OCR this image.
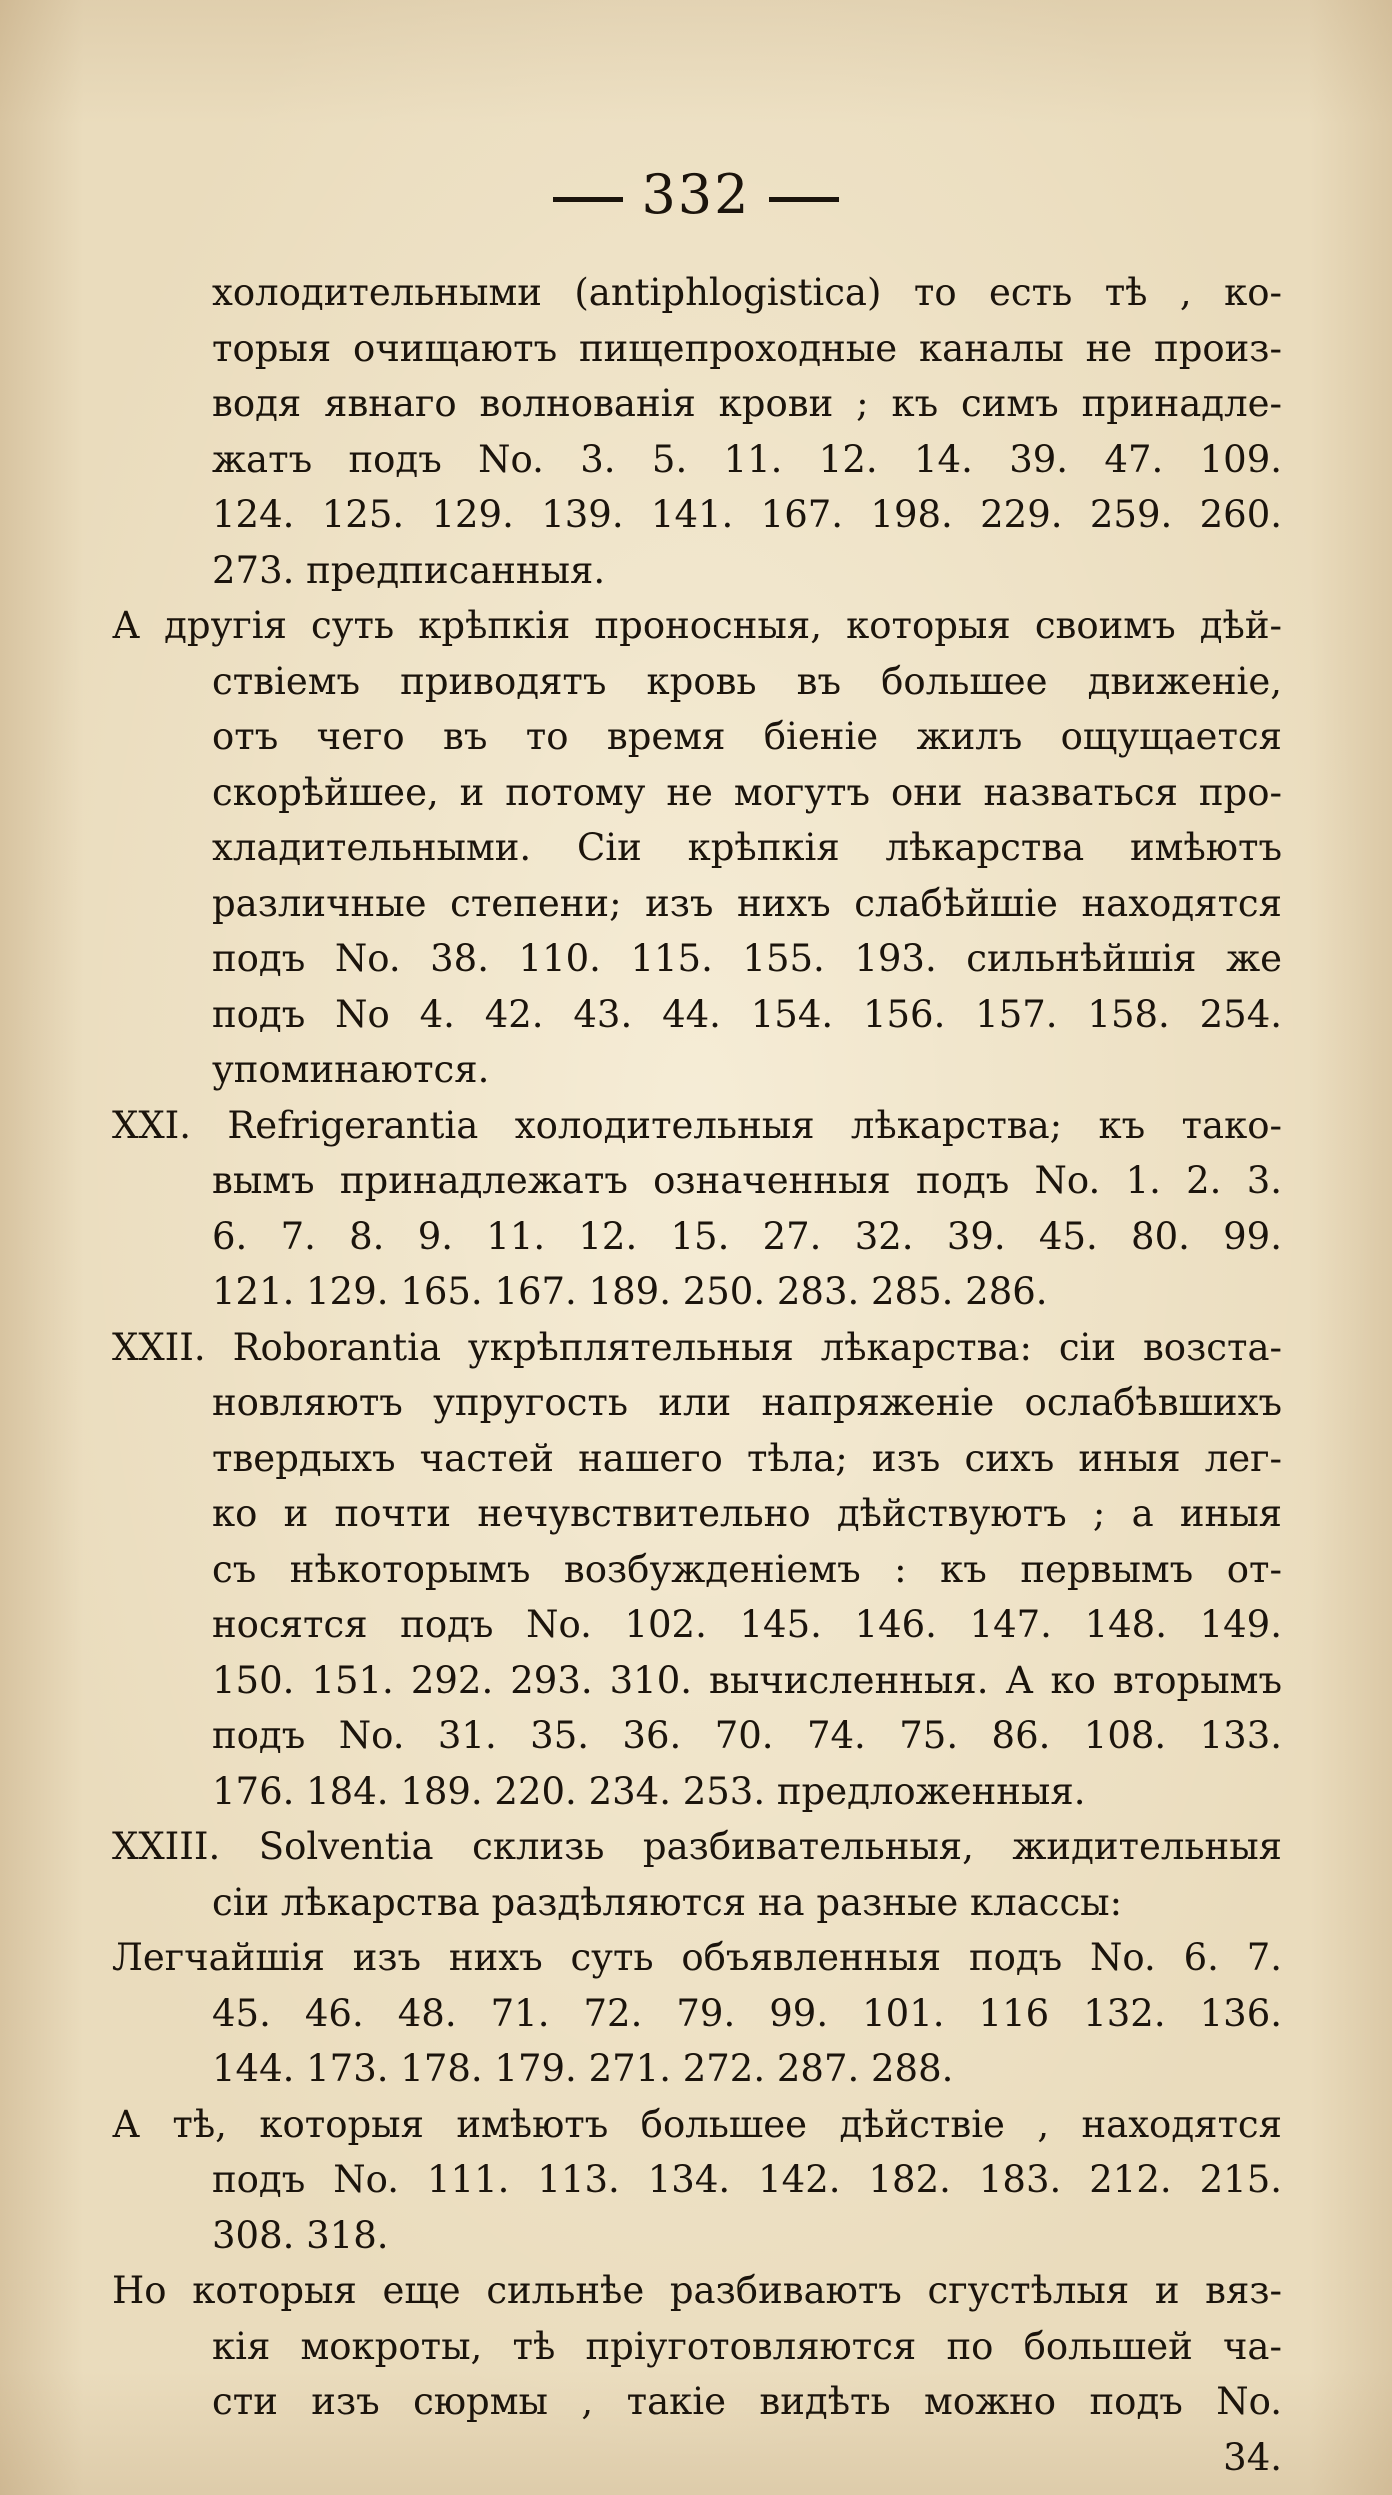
332
холодительными (antiphlogistica) то есть тѣ , ко-
торыя очищаютъ пищепроходные каналы не произ-
водя явнаго волнованія крови ; къ симъ принадле-
жатъ подъ No. 3. 5. 11. 12. 14. 39. 47. 109.
124. 125. 129. 139. 141. 167. 198. 229. 259. 260.
273. предписанныя.
А другія суть крѣпкія проносныя, которыя своимъ дѣй-
ствіемъ приводятъ кровь въ большее движеніе,
отъ чего въ то время біеніе жилъ ощущается
скорѣйшее, и потому не могутъ они назваться про-
хладительными. Сіи крѣпкія лѣкарства имѣютъ
различные степени; изъ нихъ слабѣйшіе находятся
подъ No. 38. 110. 115. 155. 193. сильнѣйшія же
подъ No 4. 42. 43. 44. 154. 156. 157. 158. 254.
упоминаются.
XXI. Refrigerantia холодительныя лѣкарства; къ тако-
вымъ принадлежатъ означенныя подъ No. 1. 2. 3.
6. 7. 8. 9. 11. 12. 15. 27. 32. 39. 45. 80. 99.
121. 129. 165. 167. 189. 250. 283. 285. 286.
XXII. Roborantia укрѣплятельныя лѣкарства: сіи возста-
новляютъ упругость или напряженіе ослабѣвшихъ
твердыхъ частей нашего тѣла; изъ сихъ иныя лег-
ко и почти нечувствительно дѣйствуютъ ; а иныя
съ нѣкоторымъ возбужденіемъ : къ первымъ от-
носятся подъ No. 102. 145. 146. 147. 148. 149.
150. 151. 292. 293. 310. вычисленныя. А ко вторымъ
подъ No. 31. 35. 36. 70. 74. 75. 86. 108. 133.
176. 184. 189. 220. 234. 253. предложенныя.
XXIII. Solventia склизь разбивательныя, жидительныя
сіи лѣкарства раздѣляются на разные классы:
Легчайшія изъ нихъ суть объявленныя подъ No. 6. 7.
45. 46. 48. 71. 72. 79. 99. 101. 116 132. 136.
144. 173. 178. 179. 271. 272. 287. 288.
А тѣ, которыя имѣютъ большее дѣйствіе , находятся
подъ No. 111. 113. 134. 142. 182. 183. 212. 215.
308. 318.
Но которыя еще сильнѣе разбиваютъ сгустѣлыя и вяз-
кія мокроты, тѣ пріуготовляются по большей ча-
сти изъ сюрмы , такіе видѣть можно подъ No.
34.
